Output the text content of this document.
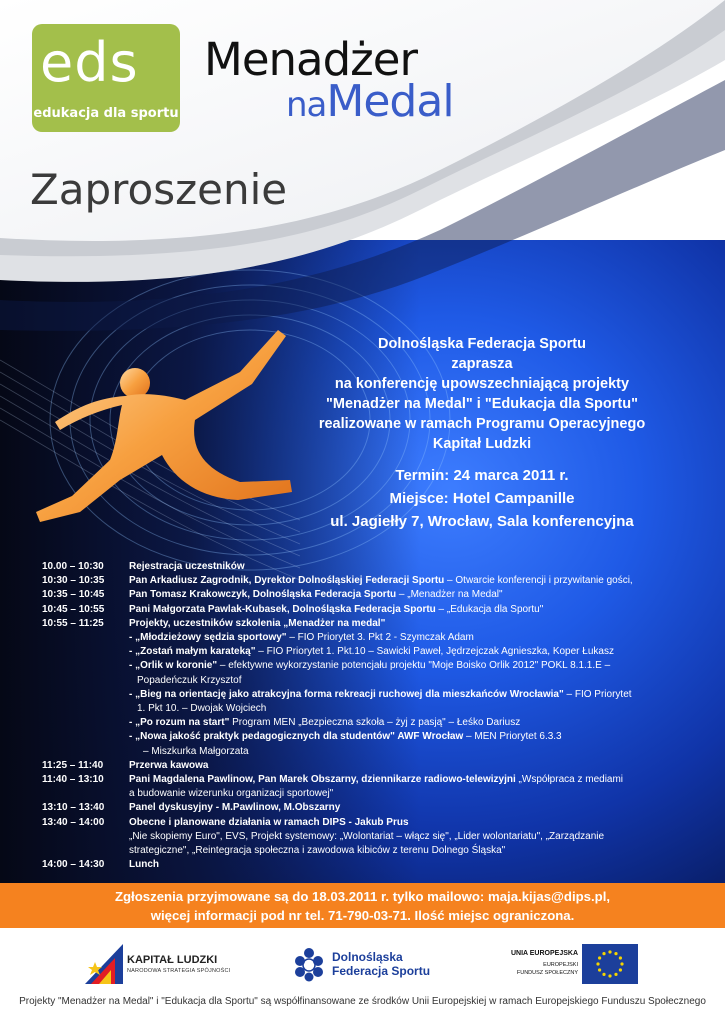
eds
edukacja dla sportu
Menadżer
naMedal
Zaproszenie
Dolnośląska Federacja Sportu
zaprasza
na konferencję upowszechniającą projekty
"Menadżer na Medal" i "Edukacja dla Sportu"
realizowane w ramach Programu Operacyjnego
Kapitał Ludzki
Termin: 24 marca 2011 r.
Miejsce: Hotel Campanille
ul. Jagiełły 7, Wrocław, Sala konferencyjna
10.00 – 10:30	Rejestracja uczestników
10:30 – 10:35	Pan Arkadiusz Zagrodnik, Dyrektor Dolnośląskiej Federacji Sportu – Otwarcie konferencji i przywitanie gości,
10:35 – 10:45	Pan Tomasz Krakowczyk, Dolnośląska Federacja Sportu – „Menadżer na Medal"
10:45 – 10:55	Pani Małgorzata Pawlak-Kubasek, Dolnośląska Federacja Sportu – „Edukacja dla Sportu"
10:55 – 11:25	Projekty, uczestników szkolenia „Menadżer na medal"
- „Młodzieżowy sędzia sportowy" – FIO Priorytet 3. Pkt 2 - Szymczak Adam
- „Zostań małym karateką" – FIO Priorytet 1. Pkt.10 – Sawicki Paweł, Jędrzejczak Agnieszka, Koper Łukasz
- „Orlik w koronie" – efektywne wykorzystanie potencjału projektu "Moje Boisko Orlik 2012" POKL 8.1.1.E –
Popadeńczuk Krzysztof
- „Bieg na orientację jako atrakcyjna forma rekreacji ruchowej dla mieszkańców Wrocławia" – FIO Priorytet
1. Pkt 10. – Dwojak Wojciech
- „Po rozum na start" Program MEN „Bezpieczna szkoła – żyj z pasją" – Łeśko Dariusz
- „Nowa jakość praktyk pedagogicznych dla studentów" AWF Wrocław – MEN Priorytet 6.3.3
– Miszkurka Małgorzata
11:25 – 11:40	Przerwa kawowa
11:40 – 13:10	Pani Magdalena Pawlinow, Pan Marek Obszarny, dziennikarze radiowo-telewizyjni „Współpraca z mediami
a budowanie wizerunku organizacji sportowej"
13:10 – 13:40	Panel dyskusyjny - M.Pawlinow, M.Obszarny
13:40 – 14:00	Obecne i planowane działania w ramach DIPS - Jakub Prus
„Nie skopiemy Euro", EVS, Projekt systemowy: „Wolontariat – włącz się", „Lider wolontariatu", „Zarządzanie
strategiczne", „Reintegracja społeczna i zawodowa kibiców z terenu Dolnego Śląska"
14:00 – 14:30	Lunch
Zgłoszenia przyjmowane są do 18.03.2011 r. tylko mailowo: maja.kijas@dips.pl,
więcej informacji pod nr tel. 71-790-03-71. Ilość miejsc ograniczona.
KAPITAŁ LUDZKI
NARODOWA STRATEGIA SPÓJNOŚCI
Dolnośląska
Federacja Sportu
UNIA EUROPEJSKA
EUROPEJSKI
FUNDUSZ SPOŁECZNY
Projekty "Menadżer na Medal" i "Edukacja dla Sportu" są współfinansowane ze środków Unii Europejskiej w ramach Europejskiego Funduszu Społecznego
